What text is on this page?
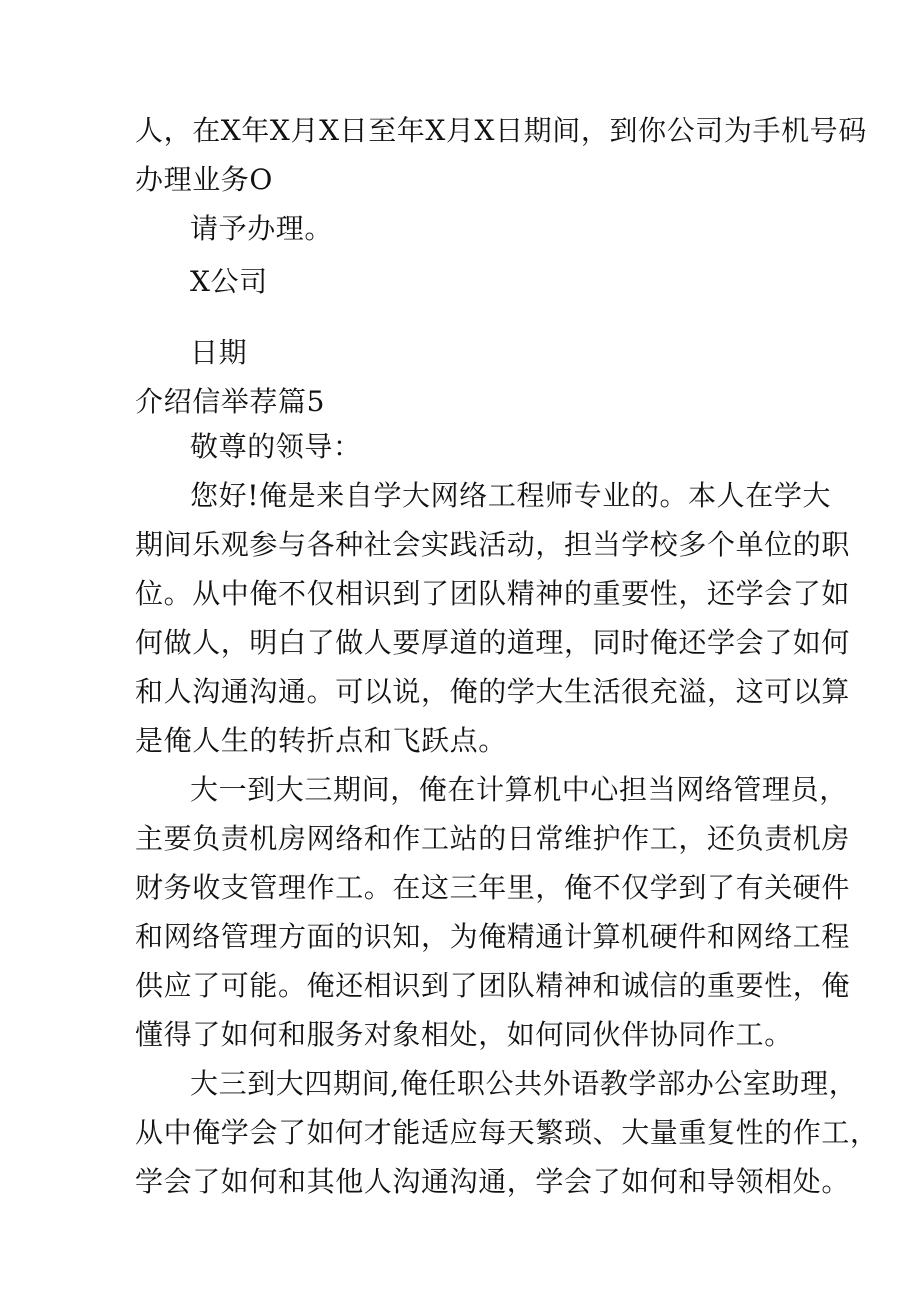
人，在X年X月X日至年X月X日期间，到你公司为手机号码
办理业务O
请予办理。
X公司
日期
介绍信举荐篇5
敬尊的领导：
您好!俺是来自学大网络工程师专业的。本人在学大
期间乐观参与各种社会实践活动，担当学校多个单位的职
位。从中俺不仅相识到了团队精神的重要性，还学会了如
何做人，明白了做人要厚道的道理，同时俺还学会了如何
和人沟通沟通。可以说，俺的学大生活很充溢，这可以算
是俺人生的转折点和飞跃点。
大一到大三期间，俺在计算机中心担当网络管理员，
主要负责机房网络和作工站的日常维护作工，还负责机房
财务收支管理作工。在这三年里，俺不仅学到了有关硬件
和网络管理方面的识知，为俺精通计算机硬件和网络工程
供应了可能。俺还相识到了团队精神和诚信的重要性，俺
懂得了如何和服务对象相处，如何同伙伴协同作工。
大三到大四期间,俺任职公共外语教学部办公室助理，
从中俺学会了如何才能适应每天繁琐、大量重复性的作工，
学会了如何和其他人沟通沟通，学会了如何和导领相处。
